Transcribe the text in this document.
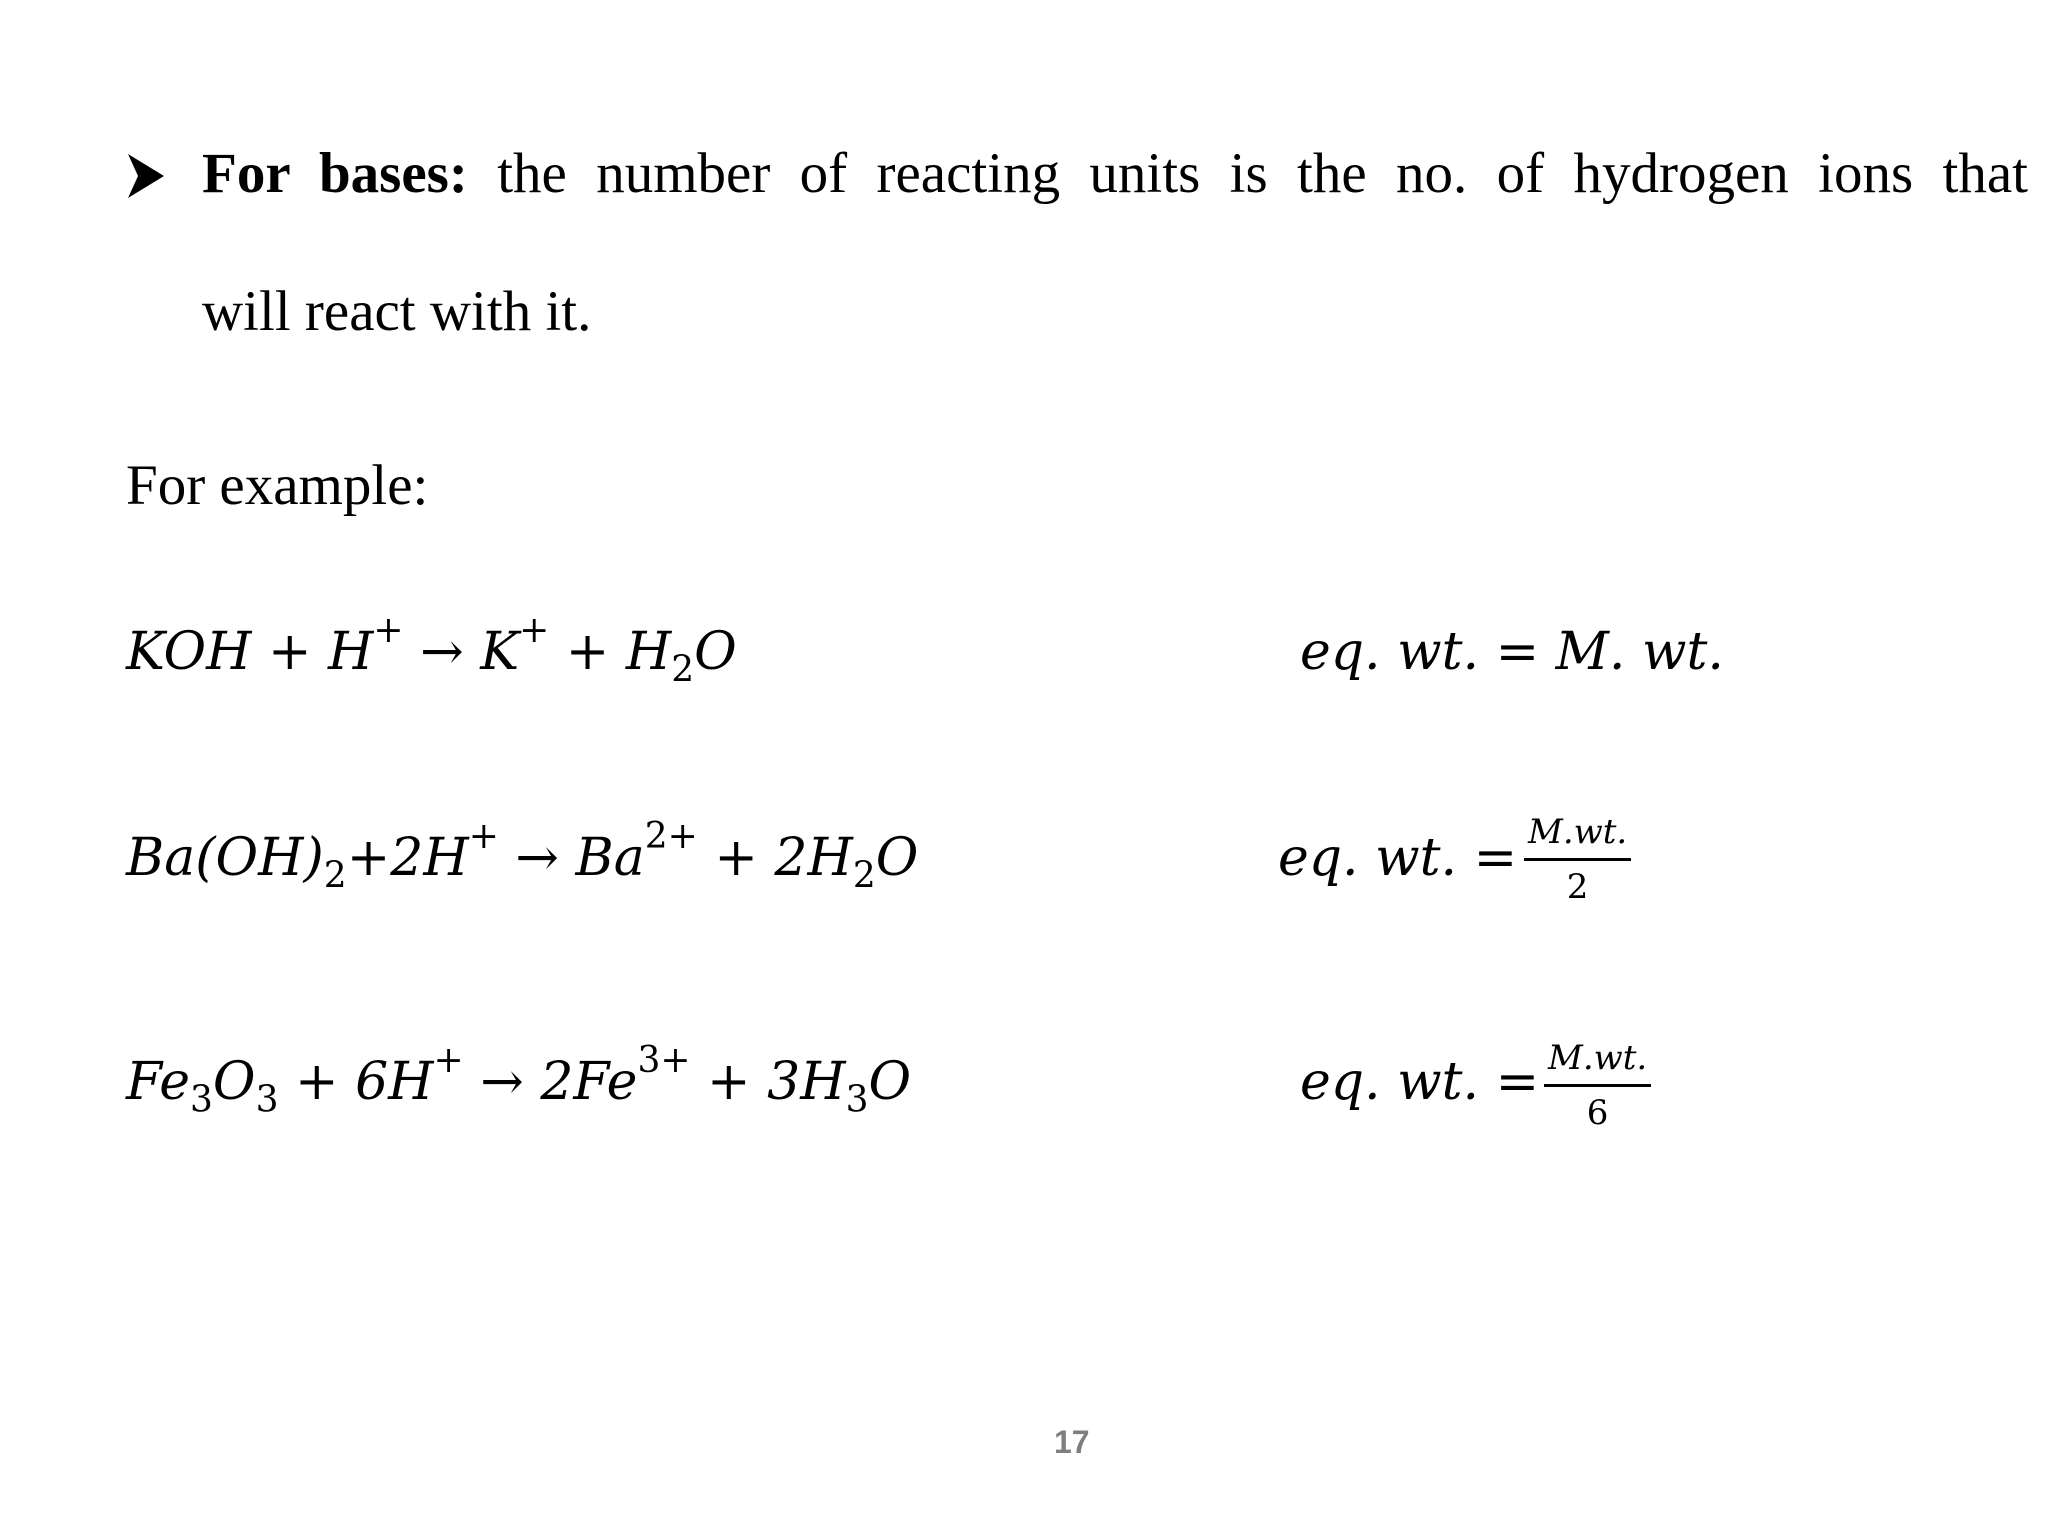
For bases: the number of reacting units is the no. of hydrogen ions that
will react with it.
For example:
KOH + $H^+ \to K^+ + H_2O$	eq. wt. = M. wt.
$Ba(OH)_2+2H^+ \to Ba^{2+} + 2H_2O$	eq. wt. = $\frac{M.wt.}{2}$
$Fe_3O_3 + 6H^+ \to 2Fe^{3+} + 3H_3O$	eq. wt. = $\frac{M.wt.}{6}$
17
